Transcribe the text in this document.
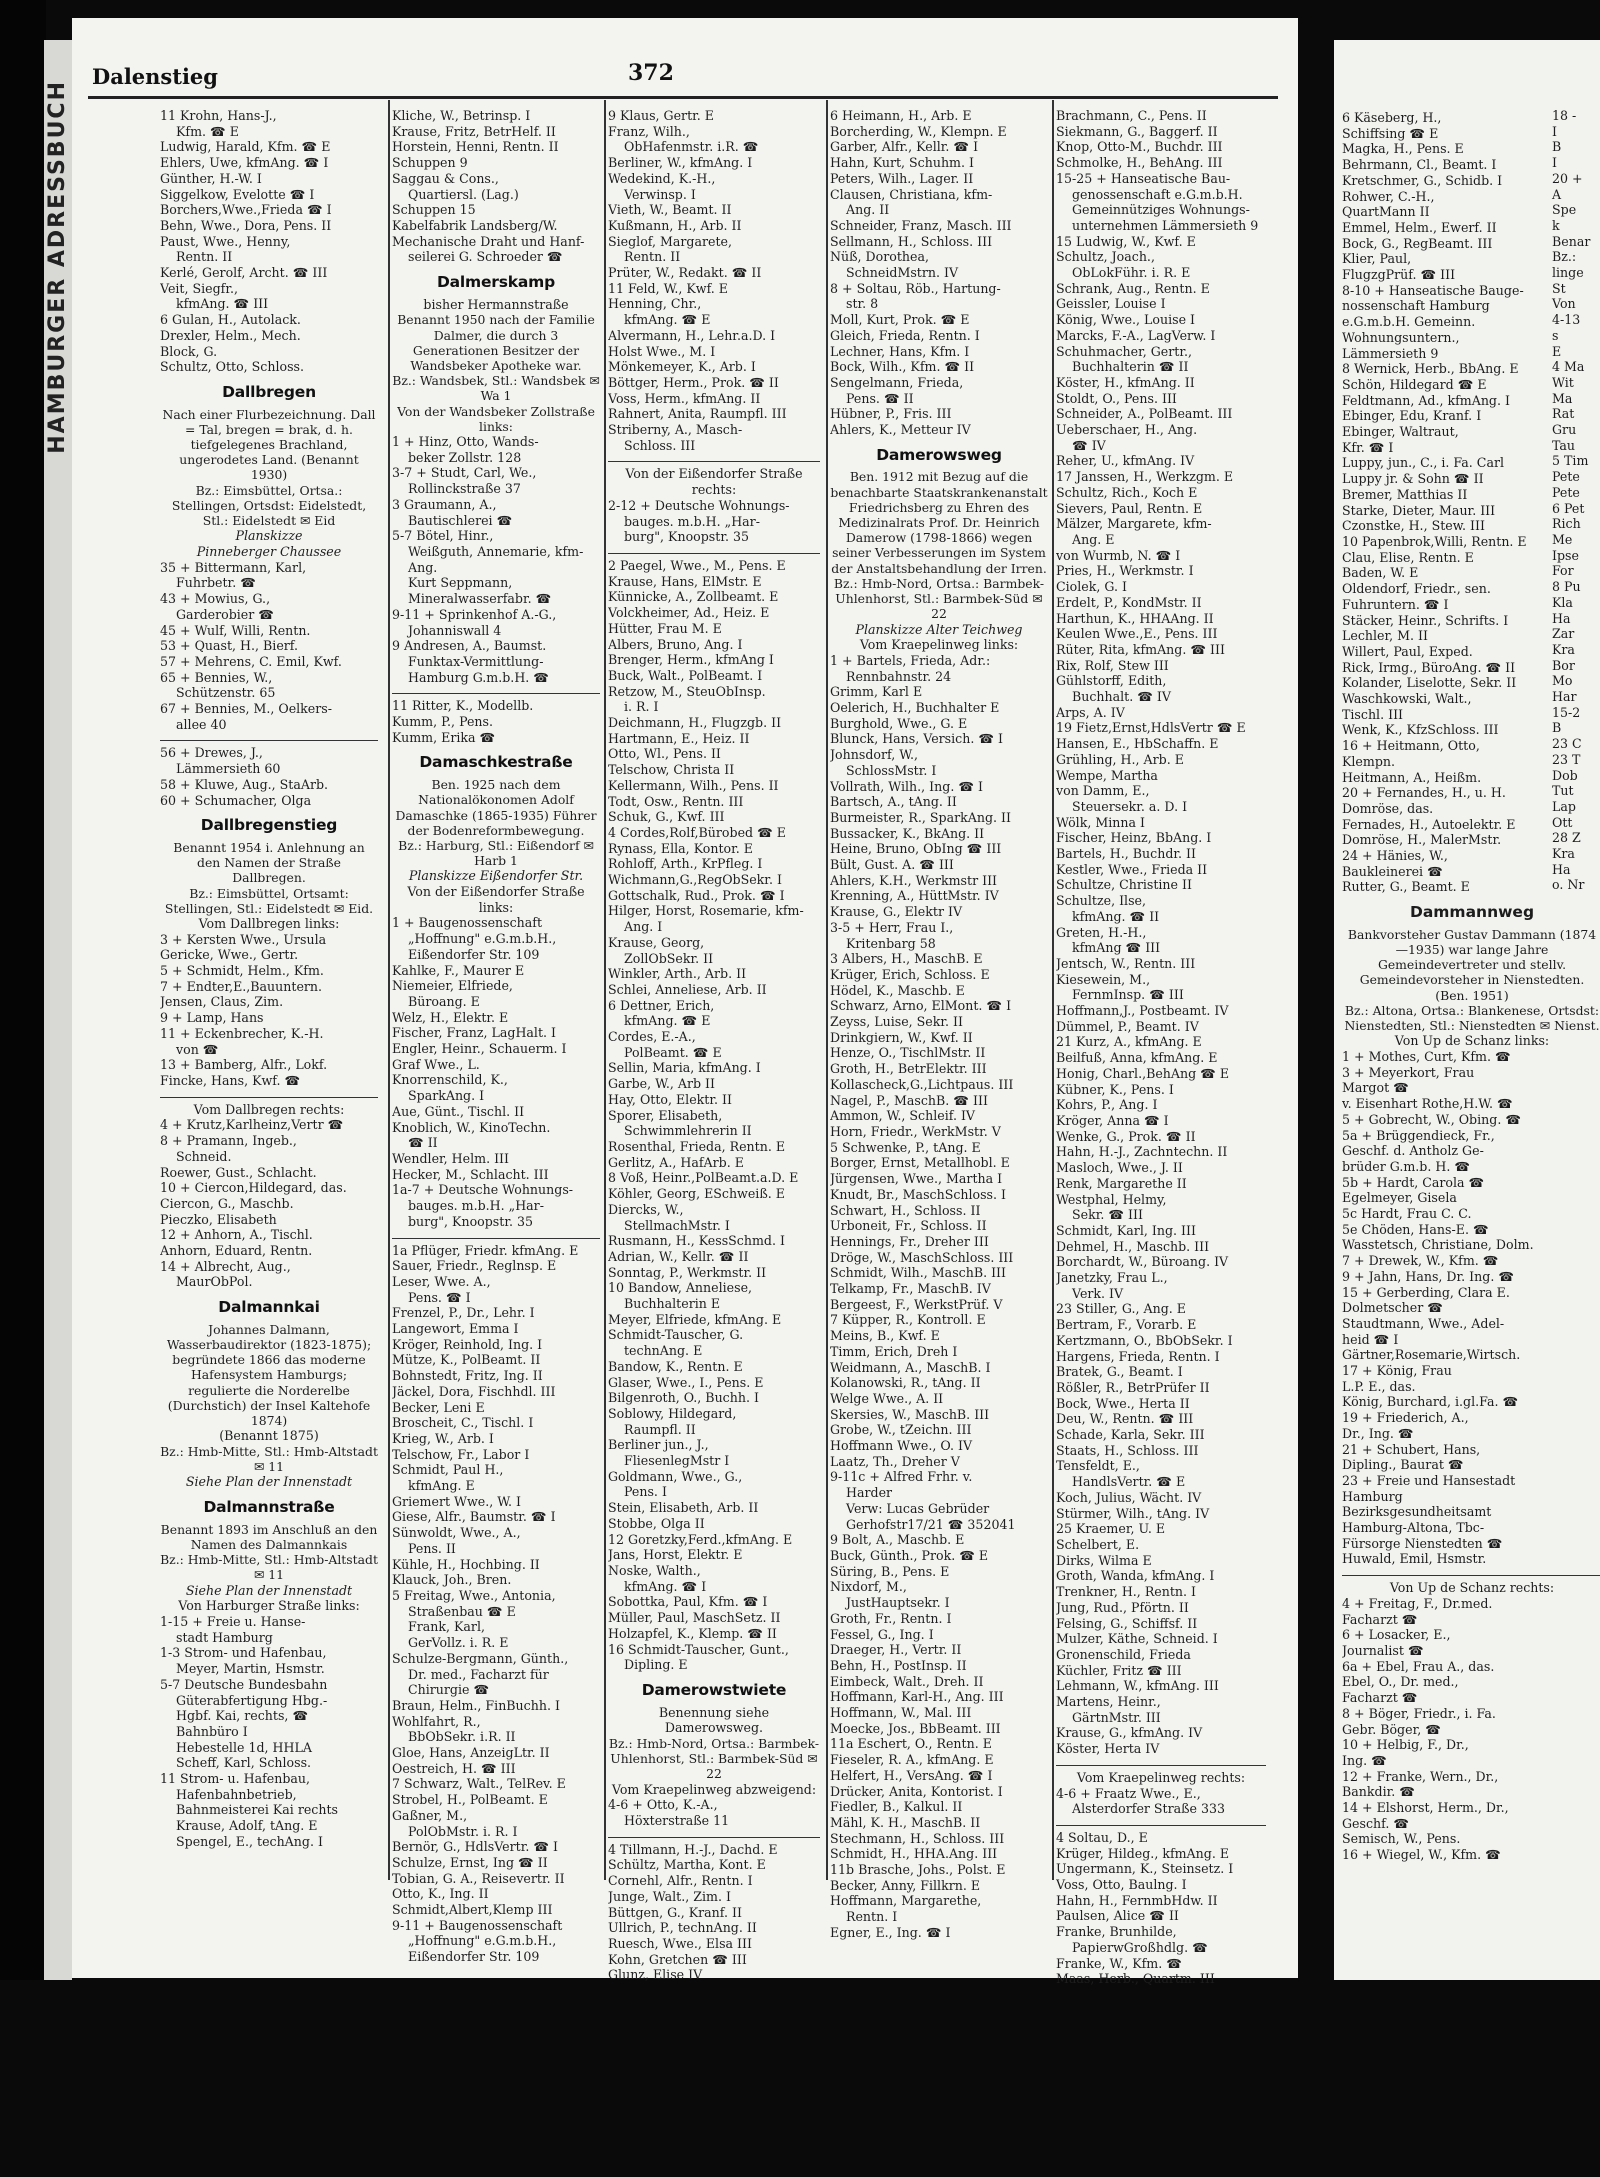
HAMBURGER ADRESSBUCH	6 Käseberg, H.,
Schiffsing ☎ E
Magka, H., Pens. E
Behrmann, Cl., Beamt. I
Kretschmer, G., Schidb. I
Rohwer, C.-H.,
QuartMann II
Emmel, Helm., Ewerf. II
Bock, G., RegBeamt. III
Klier, Paul,
FlugzgPrüf. ☎ III
8-10 + Hanseatische Bauge-
nossenschaft Hamburg
e.G.m.b.H. Gemeinn.
Wohnungsuntern.,
Lämmersieth 9
8 Wernick, Herb., BbAng. E
Schön, Hildegard ☎ E
Feldtmann, Ad., kfmAng. I
Ebinger, Edu, Kranf. I
Ebinger, Waltraut,
Kfr. ☎ I
Luppy, jun., C., i. Fa. Carl
Luppy jr. & Sohn ☎ II
Bremer, Matthias II
Starke, Dieter, Maur. III
Czonstke, H., Stew. III
10 Papenbrok,Willi, Rentn. E
Clau, Elise, Rentn. E
Baden, W. E
Oldendorf, Friedr., sen.
Fuhruntern. ☎ I
Stäcker, Heinr., Schrifts. I
Lechler, M. II
Willert, Paul, Exped.
Rick, Irmg., BüroAng. ☎ II
Kolander, Liselotte, Sekr. II
Waschkowski, Walt.,
Tischl. III
Wenk, K., KfzSchloss. III
16 + Heitmann, Otto,
Klempn.
Heitmann, A., Heißm.
20 + Fernandes, H., u. H.
Domröse, das.
Fernades, H., Autoelektr. E
Domröse, H., MalerMstr.
24 + Hänies, W.,
Baukleinerei ☎
Rutter, G., Beamt. E
Dammannweg
Bankvorsteher Gustav Dammann (1874—1935) war lange Jahre Gemeindevertreter und stellv. Gemeindevorsteher in Nienstedten. (Ben. 1951)
Bz.: Altona, Ortsa.: Blankenese, Ortsdst: Nienstedten, Stl.: Nienstedten ✉ Nienst.
Von Up de Schanz links:
1 + Mothes, Curt, Kfm. ☎
3 + Meyerkort, Frau
Margot ☎
v. Eisenhart Rothe,H.W. ☎
5 + Gobrecht, W., Obing. ☎
5a + Brüggendieck, Fr.,
Geschf. d. Antholz Ge-
brüder G.m.b. H. ☎
5b + Hardt, Carola ☎
Egelmeyer, Gisela
5c Hardt, Frau C. C.
5e Chöden, Hans-E. ☎
Wasstetsch, Christiane, Dolm.
7 + Drewek, W., Kfm. ☎
9 + Jahn, Hans, Dr. Ing. ☎
15 + Gerberding, Clara E.
Dolmetscher ☎
Staudtmann, Wwe., Adel-
heid ☎ I
Gärtner,Rosemarie,Wirtsch.
17 + König, Frau
L.P. E., das.
König, Burchard, i.gl.Fa. ☎
19 + Friederich, A.,
Dr., Ing. ☎
21 + Schubert, Hans,
Dipling., Baurat ☎
23 + Freie und Hansestadt
Hamburg
Bezirksgesundheitsamt
Hamburg-Altona, Tbc-
Fürsorge Nienstedten ☎
Huwald, Emil, Hsmstr.
Von Up de Schanz rechts:
4 + Freitag, F., Dr.med.
Facharzt ☎
6 + Losacker, E.,
Journalist ☎
6a + Ebel, Frau A., das.
Ebel, O., Dr. med.,
Facharzt ☎
8 + Böger, Friedr., i. Fa.
Gebr. Böger, ☎
10 + Helbig, F., Dr.,
Ing. ☎
12 + Franke, Wern., Dr.,
Bankdir. ☎
14 + Elshorst, Herm., Dr.,
Geschf. ☎
Semisch, W., Pens.
16 + Wiegel, W., Kfm. ☎
18 -
I
B
I
20 +
A
Spe
k
Benar
Bz.:
linge
St
Von
4-13
s
E
4 Ma
Wit
Ma
Rat
Gru
Tau
5 Tim
Pete
Pete
6 Pet
Rich
Me
Ipse
For
8 Pu
Kla
Ha
Zar
Kra
Bor
Mo
Har
15-2
B
23 C
23 T
Dob
Tut
Lap
Ott
28 Z
Kra
Ha
o. Nr
Dalenstieg	372
11 Krohn, Hans-J.,
Kfm. ☎ E
Ludwig, Harald, Kfm. ☎ E
Ehlers, Uwe, kfmAng. ☎ I
Günther, H.-W. I
Siggelkow, Evelotte ☎ I
Borchers,Wwe.,Frieda ☎ I
Behn, Wwe., Dora, Pens. II
Paust, Wwe., Henny,
Rentn. II
Kerlé, Gerolf, Archt. ☎ III
Veit, Siegfr.,
kfmAng. ☎ III
6 Gulan, H., Autolack.
Drexler, Helm., Mech.
Block, G.
Schultz, Otto, Schloss.
Dallbregen
Nach einer Flurbezeichnung. Dall = Tal, bregen = brak, d. h. tiefgelegenes Brachland, ungerodetes Land. (Benannt 1930)
Bz.: Eimsbüttel, Ortsa.: Stellingen, Ortsdst: Eidelstedt, Stl.: Eidelstedt ✉ Eid
Planskizze
Pinneberger Chaussee
35 + Bittermann, Karl,
Fuhrbetr. ☎
43 + Mowius, G.,
Garderobier ☎
45 + Wulf, Willi, Rentn.
53 + Quast, H., Bierf.
57 + Mehrens, C. Emil, Kwf.
65 + Bennies, W.,
Schützenstr. 65
67 + Bennies, M., Oelkers-
allee 40
56 + Drewes, J.,
Lämmersieth 60
58 + Kluwe, Aug., StaArb.
60 + Schumacher, Olga
Dallbregenstieg
Benannt 1954 i. Anlehnung an den Namen der Straße Dallbregen.
Bz.: Eimsbüttel, Ortsamt: Stellingen, Stl.: Eidelstedt ✉ Eid.
Vom Dallbregen links:
3 + Kersten Wwe., Ursula
Gericke, Wwe., Gertr.
5 + Schmidt, Helm., Kfm.
7 + Endter,E.,Bauuntern.
Jensen, Claus, Zim.
9 + Lamp, Hans
11 + Eckenbrecher, K.-H.
von ☎
13 + Bamberg, Alfr., Lokf.
Fincke, Hans, Kwf. ☎
Vom Dallbregen rechts:
4 + Krutz,Karlheinz,Vertr ☎
8 + Pramann, Ingeb.,
Schneid.
Roewer, Gust., Schlacht.
10 + Ciercon,Hildegard, das.
Ciercon, G., Maschb.
Pieczko, Elisabeth
12 + Anhorn, A., Tischl.
Anhorn, Eduard, Rentn.
14 + Albrecht, Aug.,
MaurObPol.
Dalmannkai
Johannes Dalmann, Wasserbaudirektor (1823-1875); begründete 1866 das moderne Hafensystem Hamburgs; regulierte die Norderelbe (Durchstich) der Insel Kaltehofe 1874)
(Benannt 1875)
Bz.: Hmb-Mitte, Stl.: Hmb-Altstadt ✉ 11
Siehe Plan der Innenstadt
Dalmannstraße
Benannt 1893 im Anschluß an den Namen des Dalmannkais
Bz.: Hmb-Mitte, Stl.: Hmb-Altstadt ✉ 11
Siehe Plan der Innenstadt
Von Harburger Straße links:
1-15 + Freie u. Hanse-
stadt Hamburg
1-3 Strom- und Hafenbau,
Meyer, Martin, Hsmstr.
5-7 Deutsche Bundesbahn
Güterabfertigung Hbg.-
Hgbf. Kai, rechts, ☎
Bahnbüro I
Hebestelle 1d, HHLA
Scheff, Karl, Schloss.
11 Strom- u. Hafenbau,
Hafenbahnbetrieb,
Bahnmeisterei Kai rechts
Krause, Adolf, tAng. E
Spengel, E., techAng. I
Kliche, W., Betrinsp. I
Krause, Fritz, BetrHelf. II
Horstein, Henni, Rentn. II
Schuppen 9
Saggau & Cons.,
Quartiersl. (Lag.)
Schuppen 15
Kabelfabrik Landsberg/W.
Mechanische Draht und Hanf-
seilerei G. Schroeder ☎
Dalmerskamp
bisher Hermannstraße
Benannt 1950 nach der Familie Dalmer, die durch 3 Generationen Besitzer der Wandsbeker Apotheke war.
Bz.: Wandsbek, Stl.: Wandsbek ✉ Wa 1
Von der Wandsbeker Zollstraße links:
1 + Hinz, Otto, Wands-
beker Zollstr. 128
3-7 + Studt, Carl, We.,
Rollinckstraße 37
3 Graumann, A.,
Bautischlerei ☎
5-7 Bötel, Hinr.,
Weißguth, Annemarie, kfm-
Ang.
Kurt Seppmann,
Mineralwasserfabr. ☎
9-11 + Sprinkenhof A.-G.,
Johanniswall 4
9 Andresen, A., Baumst.
Funktax-Vermittlung-
Hamburg G.m.b.H. ☎
11 Ritter, K., Modellb.
Kumm, P., Pens.
Kumm, Erika ☎
Damaschkestraße
Ben. 1925 nach dem Nationalökonomen Adolf Damaschke (1865-1935) Führer der Bodenreformbewegung.
Bz.: Harburg, Stl.: Eißendorf ✉ Harb 1
Planskizze Eißendorfer Str.
Von der Eißendorfer Straße links:
1 + Baugenossenschaft
„Hoffnung" e.G.m.b.H.,
Eißendorfer Str. 109
Kahlke, F., Maurer E
Niemeier, Elfriede,
Büroang. E
Welz, H., Elektr. E
Fischer, Franz, LagHalt. I
Engler, Heinr., Schauerm. I
Graf Wwe., L.
Knorrenschild, K.,
SparkAng. I
Aue, Günt., Tischl. II
Knoblich, W., KinoTechn.
☎ II
Wendler, Helm. III
Hecker, M., Schlacht. III
1a-7 + Deutsche Wohnungs-
bauges. m.b.H. „Har-
burg", Knoopstr. 35
1a Pflüger, Friedr. kfmAng. E
Sauer, Friedr., Reglnsp. E
Leser, Wwe. A.,
Pens. ☎ I
Frenzel, P., Dr., Lehr. I
Langewort, Emma I
Kröger, Reinhold, Ing. I
Mütze, K., PolBeamt. II
Bohnstedt, Fritz, Ing. II
Jäckel, Dora, Fischhdl. III
Becker, Leni E
Broscheit, C., Tischl. I
Krieg, W., Arb. I
Telschow, Fr., Labor I
Schmidt, Paul H.,
kfmAng. E
Griemert Wwe., W. I
Giese, Alfr., Baumstr. ☎ I
Sünwoldt, Wwe., A.,
Pens. II
Kühle, H., Hochbing. II
Klauck, Joh., Bren.
5 Freitag, Wwe., Antonia,
Straßenbau ☎ E
Frank, Karl,
GerVollz. i. R. E
Schulze-Bergmann, Günth.,
Dr. med., Facharzt für
Chirurgie ☎
Braun, Helm., FinBuchh. I
Wohlfahrt, R.,
BbObSekr. i.R. II
Gloe, Hans, AnzeigLtr. II
Oestreich, H. ☎ III
7 Schwarz, Walt., TelRev. E
Strobel, H., PolBeamt. E
Gaßner, M.,
PolObMstr. i. R. I
Bernör, G., HdlsVertr. ☎ I
Schulze, Ernst, Ing ☎ II
Tobian, G. A., Reisevertr. II
Otto, K., Ing. II
Schmidt,Albert,Klemp III
9-11 + Baugenossenschaft
„Hoffnung" e.G.m.b.H.,
Eißendorfer Str. 109
9 Klaus, Gertr. E
Franz, Wilh.,
ObHafenmstr. i.R. ☎
Berliner, W., kfmAng. I
Wedekind, K.-H.,
Verwinsp. I
Vieth, W., Beamt. II
Kußmann, H., Arb. II
Sieglof, Margarete,
Rentn. II
Prüter, W., Redakt. ☎ II
11 Feld, W., Kwf. E
Henning, Chr.,
kfmAng. ☎ E
Alvermann, H., Lehr.a.D. I
Holst Wwe., M. I
Mönkemeyer, K., Arb. I
Böttger, Herm., Prok. ☎ II
Voss, Herm., kfmAng. II
Rahnert, Anita, Raumpfl. III
Striberny, A., Masch-
Schloss. III
Von der Eißendorfer Straße rechts:
2-12 + Deutsche Wohnungs-
bauges. m.b.H. „Har-
burg", Knoopstr. 35
2 Paegel, Wwe., M., Pens. E
Krause, Hans, ElMstr. E
Künnicke, A., Zollbeamt. E
Volckheimer, Ad., Heiz. E
Hütter, Frau M. E
Albers, Bruno, Ang. I
Brenger, Herm., kfmAng I
Buck, Walt., PolBeamt. I
Retzow, M., SteuObInsp.
i. R. I
Deichmann, H., Flugzgb. II
Hartmann, E., Heiz. II
Otto, Wl., Pens. II
Telschow, Christa II
Kellermann, Wilh., Pens. II
Todt, Osw., Rentn. III
Schuk, G., Kwf. III
4 Cordes,Rolf,Bürobed ☎ E
Rynass, Ella, Kontor. E
Rohloff, Arth., KrPfleg. I
Wichmann,G.,RegObSekr. I
Gottschalk, Rud., Prok. ☎ I
Hilger, Horst, Rosemarie, kfm-
Ang. I
Krause, Georg,
ZollObSekr. II
Winkler, Arth., Arb. II
Schlei, Anneliese, Arb. II
6 Dettner, Erich,
kfmAng. ☎ E
Cordes, E.-A.,
PolBeamt. ☎ E
Sellin, Maria, kfmAng. I
Garbe, W., Arb II
Hay, Otto, Elektr. II
Sporer, Elisabeth,
Schwimmlehrerin II
Rosenthal, Frieda, Rentn. E
Gerlitz, A., HafArb. E
8 Voß, Heinr.,PolBeamt.a.D. E
Köhler, Georg, ESchweiß. E
Diercks, W.,
StellmachMstr. I
Rusmann, H., KessSchmd. I
Adrian, W., Kellr. ☎ II
Sonntag, P., Werkmstr. II
10 Bandow, Anneliese,
Buchhalterin E
Meyer, Elfriede, kfmAng. E
Schmidt-Tauscher, G.
technAng. E
Bandow, K., Rentn. E
Glaser, Wwe., I., Pens. E
Bilgenroth, O., Buchh. I
Soblowy, Hildegard,
Raumpfl. II
Berliner jun., J.,
FliesenlegMstr I
Goldmann, Wwe., G.,
Pens. I
Stein, Elisabeth, Arb. II
Stobbe, Olga II
12 Goretzky,Ferd.,kfmAng. E
Jans, Horst, Elektr. E
Noske, Walth.,
kfmAng. ☎ I
Sobottka, Paul, Kfm. ☎ I
Müller, Paul, MaschSetz. II
Holzapfel, K., Klemp. ☎ II
16 Schmidt-Tauscher, Gunt.,
Dipling. E
Damerowstwiete
Benennung siehe Damerowsweg.
Bz.: Hmb-Nord, Ortsa.: Barmbek-Uhlenhorst, Stl.: Barmbek-Süd ✉ 22
Vom Kraepelinweg abzweigend:
4-6 + Otto, K.-A.,
Höxterstraße 11
4 Tillmann, H.-J., Dachd. E
Schültz, Martha, Kont. E
Cornehl, Alfr., Rentn. I
Junge, Walt., Zim. I
Büttgen, G., Kranf. II
Ullrich, P., technAng. II
Ruesch, Wwe., Elsa III
Kohn, Gretchen ☎ III
Glunz, Elise IV
6 Heimann, H., Arb. E
Borcherding, W., Klempn. E
Garber, Alfr., Kellr. ☎ I
Hahn, Kurt, Schuhm. I
Peters, Wilh., Lager. II
Clausen, Christiana, kfm-
Ang. II
Schneider, Franz, Masch. III
Sellmann, H., Schloss. III
Nüß, Dorothea,
SchneidMstrn. IV
8 + Soltau, Röb., Hartung-
str. 8
Moll, Kurt, Prok. ☎ E
Gleich, Frieda, Rentn. I
Lechner, Hans, Kfm. I
Bock, Wilh., Kfm. ☎ II
Sengelmann, Frieda,
Pens. ☎ II
Hübner, P., Fris. III
Ahlers, K., Metteur IV
Damerowsweg
Ben. 1912 mit Bezug auf die benachbarte Staatskrankenanstalt Friedrichsberg zu Ehren des Medizinalrats Prof. Dr. Heinrich Damerow (1798-1866) wegen seiner Verbesserungen im System der Anstaltsbehandlung der Irren.
Bz.: Hmb-Nord, Ortsa.: Barmbek-Uhlenhorst, Stl.: Barmbek-Süd ✉ 22
Planskizze Alter Teichweg
Vom Kraepelinweg links:
1 + Bartels, Frieda, Adr.:
Rennbahnstr. 24
Grimm, Karl E
Oelerich, H., Buchhalter E
Burghold, Wwe., G. E
Blunck, Hans, Versich. ☎ I
Johnsdorf, W.,
SchlossMstr. I
Vollrath, Wilh., Ing. ☎ I
Bartsch, A., tAng. II
Burmeister, R., SparkAng. II
Bussacker, K., BkAng. II
Heine, Bruno, ObIng ☎ III
Bült, Gust. A. ☎ III
Ahlers, K.H., Werkmstr III
Krenning, A., HüttMstr. IV
Krause, G., Elektr IV
3-5 + Herr, Frau I.,
Kritenbarg 58
3 Albers, H., MaschB. E
Krüger, Erich, Schloss. E
Hödel, K., Maschb. E
Schwarz, Arno, ElMont. ☎ I
Zeyss, Luise, Sekr. II
Drinkgiern, W., Kwf. II
Henze, O., TischlMstr. II
Groth, H., BetrElektr. III
Kollascheck,G.,Lichtpaus. III
Nagel, P., MaschB. ☎ III
Ammon, W., Schleif. IV
Horn, Friedr., WerkMstr. V
5 Schwenke, P., tAng. E
Borger, Ernst, Metallhobl. E
Jürgensen, Wwe., Martha I
Knudt, Br., MaschSchloss. I
Schwart, H., Schloss. II
Urboneit, Fr., Schloss. II
Hennings, Fr., Dreher III
Dröge, W., MaschSchloss. III
Schmidt, Wilh., MaschB. III
Telkamp, Fr., MaschB. IV
Bergeest, F., WerkstPrüf. V
7 Küpper, R., Kontroll. E
Meins, B., Kwf. E
Timm, Erich, Dreh I
Weidmann, A., MaschB. I
Kolanowski, R., tAng. II
Welge Wwe., A. II
Skersies, W., MaschB. III
Grobe, W., tZeichn. III
Hoffmann Wwe., O. IV
Laatz, Th., Dreher V
9-11c + Alfred Frhr. v.
Harder
Verw: Lucas Gebrüder
Gerhofstr17/21 ☎ 352041
9 Bolt, A., Maschb. E
Buck, Günth., Prok. ☎ E
Süring, B., Pens. E
Nixdorf, M.,
JustHauptsekr. I
Groth, Fr., Rentn. I
Fessel, G., Ing. I
Draeger, H., Vertr. II
Behn, H., PostInsp. II
Eimbeck, Walt., Dreh. II
Hoffmann, Karl-H., Ang. III
Hoffmann, W., Mal. III
Moecke, Jos., BbBeamt. III
11a Eschert, O., Rentn. E
Fieseler, R. A., kfmAng. E
Helfert, H., VersAng. ☎ I
Drücker, Anita, Kontorist. I
Fiedler, B., Kalkul. II
Mähl, K. H., MaschB. II
Stechmann, H., Schloss. III
Schmidt, H., HHA.Ang. III
11b Brasche, Johs., Polst. E
Becker, Anny, Fillkrn. E
Hoffmann, Margarethe,
Rentn. I
Egner, E., Ing. ☎ I
Brachmann, C., Pens. II
Siekmann, G., Baggerf. II
Knop, Otto-M., Buchdr. III
Schmolke, H., BehAng. III
15-25 + Hanseatische Bau-
genossenschaft e.G.m.b.H.
Gemeinnütziges Wohnungs-
unternehmen Lämmersieth 9
15 Ludwig, W., Kwf. E
Schultz, Joach.,
ObLokFühr. i. R. E
Schrank, Aug., Rentn. E
Geissler, Louise I
König, Wwe., Louise I
Marcks, F.-A., LagVerw. I
Schuhmacher, Gertr.,
Buchhalterin ☎ II
Köster, H., kfmAng. II
Stoldt, O., Pens. III
Schneider, A., PolBeamt. III
Ueberschaer, H., Ang.
☎ IV
Reher, U., kfmAng. IV
17 Janssen, H., Werkzgm. E
Schultz, Rich., Koch E
Sievers, Paul, Rentn. E
Mälzer, Margarete, kfm-
Ang. E
von Wurmb, N. ☎ I
Pries, H., Werkmstr. I
Ciolek, G. I
Erdelt, P., KondMstr. II
Harthun, K., HHAAng. II
Keulen Wwe.,E., Pens. III
Rüter, Rita, kfmAng. ☎ III
Rix, Rolf, Stew III
Gühlstorff, Edith,
Buchhalt. ☎ IV
Arps, A. IV
19 Fietz,Ernst,HdlsVertr ☎ E
Hansen, E., HbSchaffn. E
Grühling, H., Arb. E
Wempe, Martha
von Damm, E.,
Steuersekr. a. D. I
Wölk, Minna I
Fischer, Heinz, BbAng. I
Bartels, H., Buchdr. II
Kestler, Wwe., Frieda II
Schultze, Christine II
Schultze, Ilse,
kfmAng. ☎ II
Greten, H.-H.,
kfmAng ☎ III
Jentsch, W., Rentn. III
Kiesewein, M.,
FernmInsp. ☎ III
Hoffmann,J., Postbeamt. IV
Dümmel, P., Beamt. IV
21 Kurz, A., kfmAng. E
Beilfuß, Anna, kfmAng. E
Honig, Charl.,BehAng ☎ E
Kübner, K., Pens. I
Kohrs, P., Ang. I
Kröger, Anna ☎ I
Wenke, G., Prok. ☎ II
Hahn, H.-J., Zachntechn. II
Masloch, Wwe., J. II
Renk, Margarethe II
Westphal, Helmy,
Sekr. ☎ III
Schmidt, Karl, Ing. III
Dehmel, H., Maschb. III
Borchardt, W., Büroang. IV
Janetzky, Frau L.,
Verk. IV
23 Stiller, G., Ang. E
Bertram, F., Vorarb. E
Kertzmann, O., BbObSekr. I
Hargens, Frieda, Rentn. I
Bratek, G., Beamt. I
Rößler, R., BetrPrüfer II
Bock, Wwe., Herta II
Deu, W., Rentn. ☎ III
Schade, Karla, Sekr. III
Staats, H., Schloss. III
Tensfeldt, E.,
HandlsVertr. ☎ E
Koch, Julius, Wächt. IV
Stürmer, Wilh., tAng. IV
25 Kraemer, U. E
Schelbert, E.
Dirks, Wilma E
Groth, Wanda, kfmAng. I
Trenkner, H., Rentn. I
Jung, Rud., Pförtn. II
Felsing, G., Schiffsf. II
Mulzer, Käthe, Schneid. I
Gronenschild, Frieda
Küchler, Fritz ☎ III
Lehmann, W., kfmAng. III
Martens, Heinr.,
GärtnMstr. III
Krause, G., kfmAng. IV
Köster, Herta IV
Vom Kraepelinweg rechts:
4-6 + Fraatz Wwe., E.,
Alsterdorfer Straße 333
4 Soltau, D., E
Krüger, Hildeg., kfmAng. E
Ungermann, K., Steinsetz. I
Voss, Otto, Baulng. I
Hahn, H., FernmbHdw. II
Paulsen, Alice ☎ II
Franke, Brunhilde,
PapierwGroßhdlg. ☎
Franke, W., Kfm. ☎
Maas, Herb., Quartm. III
